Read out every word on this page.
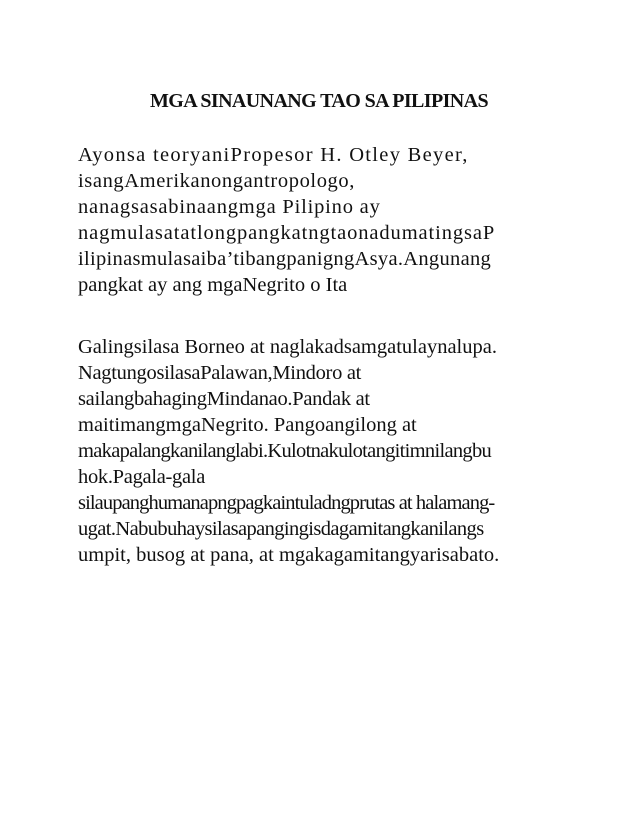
MGA SINAUNANG TAO SA PILIPINAS
Ayonsa teoryaniPropesor H. Otley Beyer,
isangAmerikanongantropologo,
nanagsasabinaangmga Pilipino ay
nagmulasatatlongpangkatngtaonadumatingsaP
ilipinasmulasaiba’tibangpanigngAsya.Angunang
pangkat ay ang mgaNegrito o Ita
Galingsilasa Borneo at naglakadsamgatulaynalupa.
NagtungosilasaPalawan,Mindoro at
sailangbahagingMindanao.Pandak at
maitimangmgaNegrito. Pangoangilong at
makapalangkanilanglabi.Kulotnakulotangitimnilangbu
hok.Pagala-gala
silaupanghumanapngpagkaintuladngprutas at halamang-
ugat.Nabubuhaysilasapangingisdagamitangkanilangs
umpit, busog at pana, at mgakagamitangyarisabato.
